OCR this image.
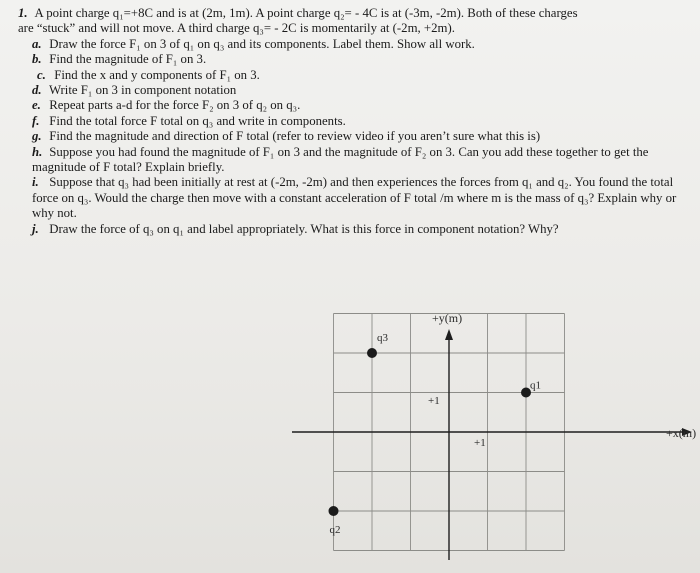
1. A point charge q₁=+8C and is at (2m, 1m). A point charge q₂= - 4C is at (-3m, -2m). Both of these charges
are “stuck” and will not move. A third charge q₃= - 2C is momentarily at (-2m, +2m).
a. Draw the force F₁ on 3 of q₁ on q₃ and its components. Label them. Show all work.
b. Find the magnitude of F₁ on 3.
c. Find the x and y components of F₁ on 3.
d. Write F₁ on 3 in component notation
e. Repeat parts a-d for the force F₂ on 3 of q₂ on q₃.
f. Find the total force F total on q₃ and write in components.
g. Find the magnitude and direction of F total (refer to review video if you aren’t sure what this is)
h. Suppose you had found the magnitude of F₁ on 3 and the magnitude of F₂ on 3. Can you add these together to get the magnitude of F total? Explain briefly.
i. Suppose that q₃ had been initially at rest at (-2m, -2m) and then experiences the forces from q₁ and q₂. You found the total force on q₃. Would the charge then move with a constant acceleration of F total /m where m is the mass of q₃? Explain why or why not.
j. Draw the force of q₃ on q₁ and label appropriately. What is this force in component notation? Why?
+y(m)
+x(m)
+1
+1
q3
q1
q2
